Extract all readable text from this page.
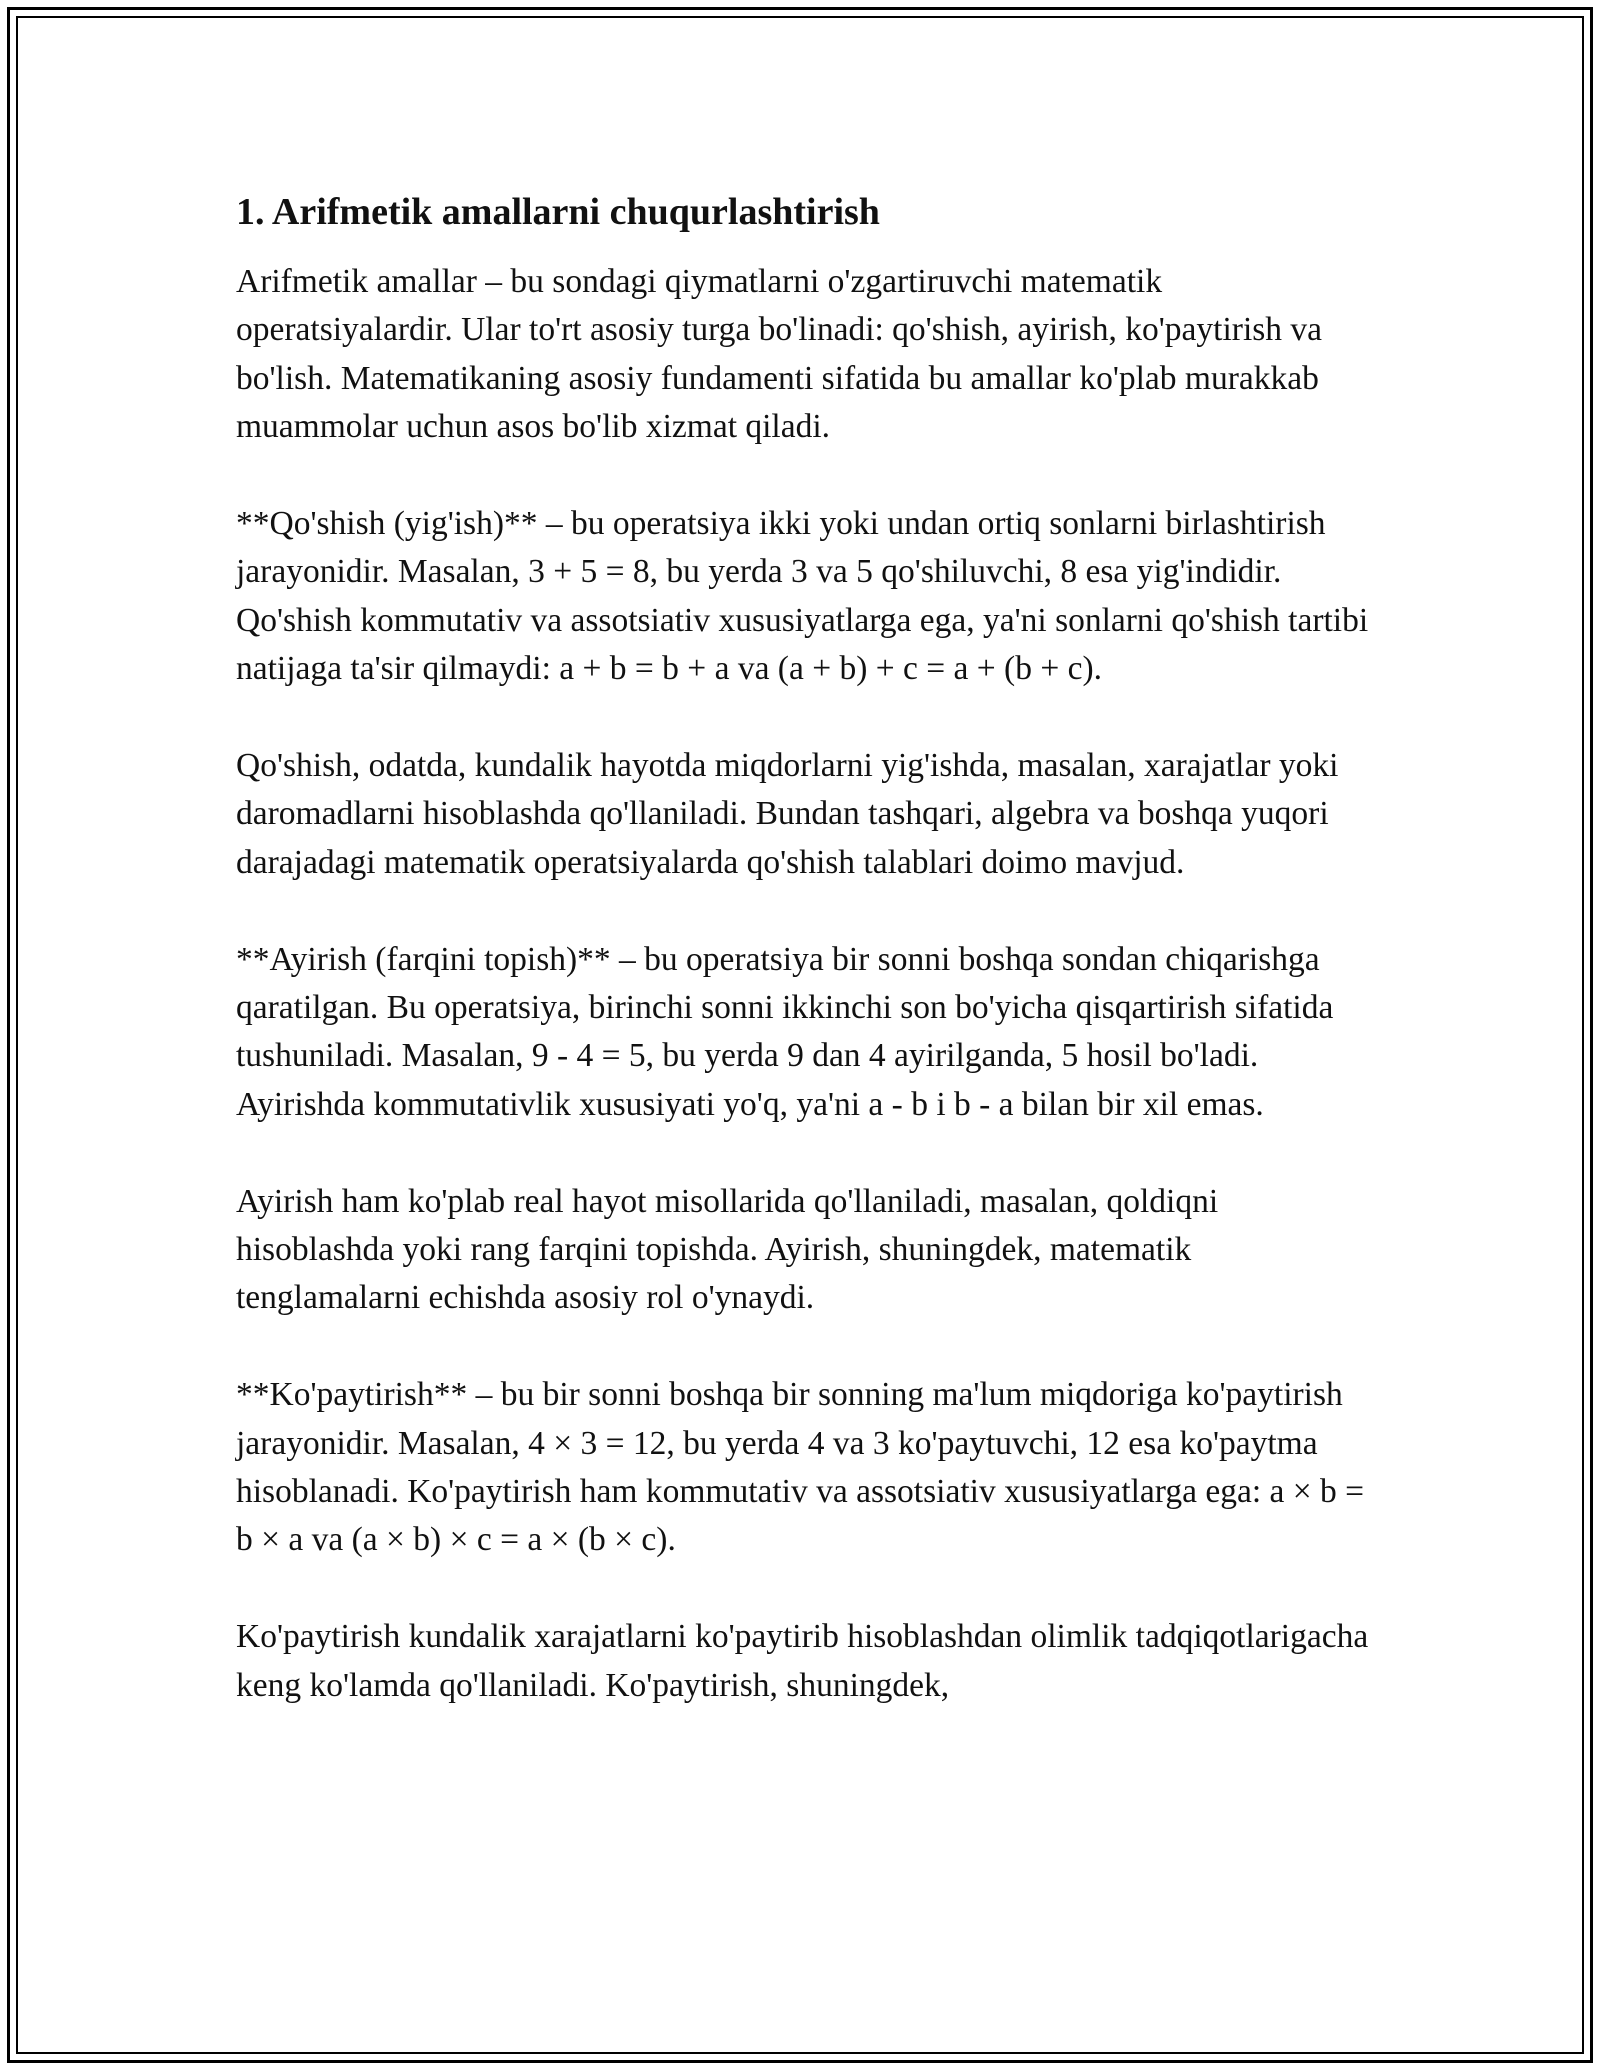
1. Arifmetik amallarni chuqurlashtirish

Arifmetik amallar – bu sondagi qiymatlarni o'zgartiruvchi matematik operatsiyalardir. Ular to'rt asosiy turga bo'linadi: qo'shish, ayirish, ko'paytirish va bo'lish. Matematikaning asosiy fundamenti sifatida bu amallar ko'plab murakkab muammolar uchun asos bo'lib xizmat qiladi.

**Qo'shish (yig'ish)** – bu operatsiya ikki yoki undan ortiq sonlarni birlashtirish jarayonidir. Masalan, 3 + 5 = 8, bu yerda 3 va 5 qo'shiluvchi, 8 esa yig'indidir. Qo'shish kommutativ va assotsiativ xususiyatlarga ega, ya'ni sonlarni qo'shish tartibi natijaga ta'sir qilmaydi: a + b = b + a va (a + b) + c = a + (b + c).

Qo'shish, odatda, kundalik hayotda miqdorlarni yig'ishda, masalan, xarajatlar yoki daromadlarni hisoblashda qo'llaniladi. Bundan tashqari, algebra va boshqa yuqori darajadagi matematik operatsiyalarda qo'shish talablari doimo mavjud.

**Ayirish (farqini topish)** – bu operatsiya bir sonni boshqa sondan chiqarishga qaratilgan. Bu operatsiya, birinchi sonni ikkinchi son bo'yicha qisqartirish sifatida tushuniladi. Masalan, 9 - 4 = 5, bu yerda 9 dan 4 ayirilganda, 5 hosil bo'ladi. Ayirishda kommutativlik xususiyati yo'q, ya'ni a - b i b - a bilan bir xil emas.

Ayirish ham ko'plab real hayot misollarida qo'llaniladi, masalan, qoldiqni hisoblashda yoki rang farqini topishda. Ayirish, shuningdek, matematik tenglamalarni echishda asosiy rol o'ynaydi.

**Ko'paytirish** – bu bir sonni boshqa bir sonning ma'lum miqdoriga ko'paytirish jarayonidir. Masalan, 4 × 3 = 12, bu yerda 4 va 3 ko'paytuvchi, 12 esa ko'paytma hisoblanadi. Ko'paytirish ham kommutativ va assotsiativ xususiyatlarga ega: a × b = b × a va (a × b) × c = a × (b × c).

Ko'paytirish kundalik xarajatlarni ko'paytirib hisoblashdan olimlik tadqiqotlarigacha keng ko'lamda qo'llaniladi. Ko'paytirish, shuningdek,
